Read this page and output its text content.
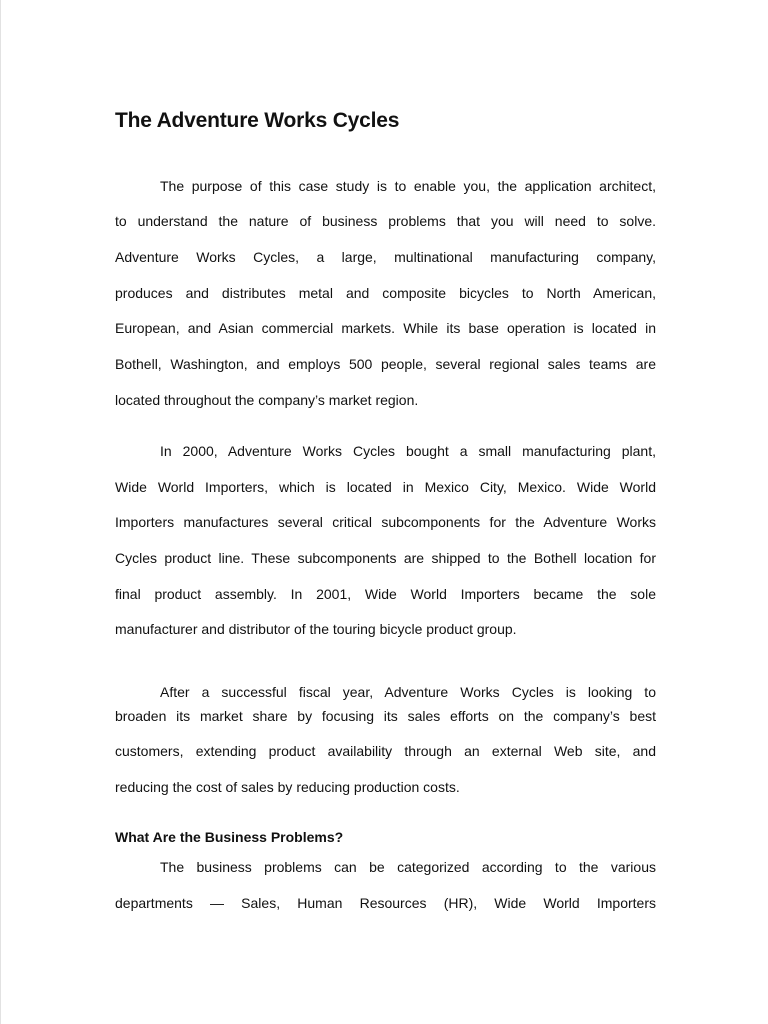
The Adventure Works Cycles
The purpose of this case study is to enable you, the application architect,
to understand the nature of business problems that you will need to solve.
Adventure Works Cycles, a large, multinational manufacturing company,
produces and distributes metal and composite bicycles to North American,
European, and Asian commercial markets. While its base operation is located in
Bothell, Washington, and employs 500 people, several regional sales teams are
located throughout the company’s market region.
In 2000, Adventure Works Cycles bought a small manufacturing plant,
Wide World Importers, which is located in Mexico City, Mexico. Wide World
Importers manufactures several critical subcomponents for the Adventure Works
Cycles product line. These subcomponents are shipped to the Bothell location for
final product assembly. In 2001, Wide World Importers became the sole
manufacturer and distributor of the touring bicycle product group.
After a successful fiscal year, Adventure Works Cycles is looking to
broaden its market share by focusing its sales efforts on the company’s best
customers, extending product availability through an external Web site, and
reducing the cost of sales by reducing production costs.
What Are the Business Problems?
The business problems can be categorized according to the various
departments — Sales, Human Resources (HR), Wide World Importers
